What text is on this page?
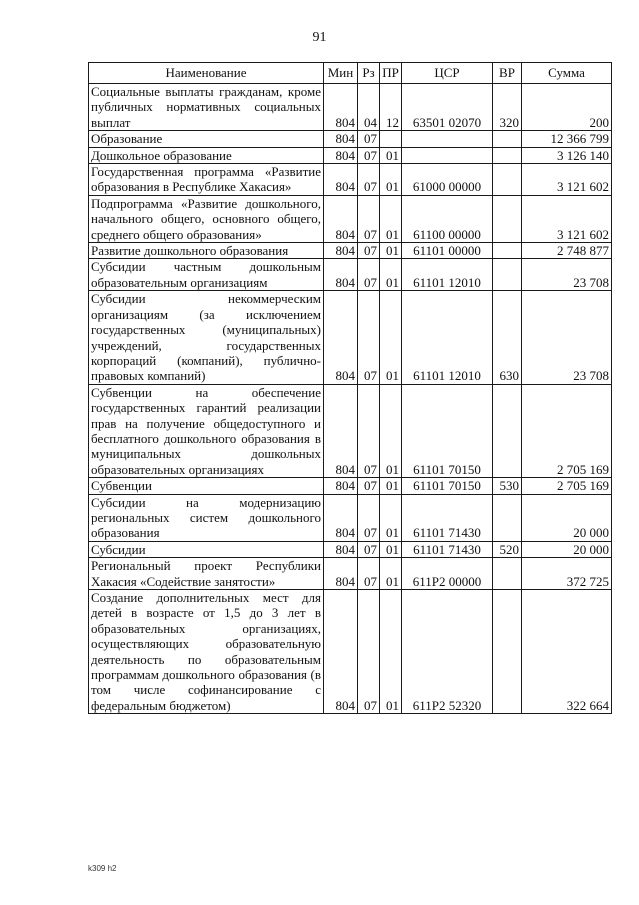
91
Наименование	Мин	Рз	ПР	ЦСР	ВР	Сумма
Социальные выплаты гражданам, кроме публичных нормативных социальных выплат	804	04	12	63501 02070	320	200
Образование	804	07				12 366 799
Дошкольное образование	804	07	01			3 126 140
Государственная программа «Развитие образования в Республике Хакасия»	804	07	01	61000 00000		3 121 602
Подпрограмма «Развитие дошкольного, начального общего, основного общего, среднего общего образования»	804	07	01	61100 00000		3 121 602
Развитие дошкольного образования	804	07	01	61101 00000		2 748 877
Субсидии частным дошкольным образовательным организациям	804	07	01	61101 12010		23 708
Субсидии некоммерческим организациям (за исключением государственных (муниципальных) учреждений, государственных корпораций (компаний), публично-правовых компаний)	804	07	01	61101 12010	630	23 708
Субвенции на обеспечение государственных гарантий реализации прав на получение общедоступного и бесплатного дошкольного образования в муниципальных дошкольных образовательных организациях	804	07	01	61101 70150		2 705 169
Субвенции	804	07	01	61101 70150	530	2 705 169
Субсидии на модернизацию региональных систем дошкольного образования	804	07	01	61101 71430		20 000
Субсидии	804	07	01	61101 71430	520	20 000
Региональный проект Республики Хакасия «Содействие занятости»	804	07	01	611P2 00000		372 725
Создание дополнительных мест для детей в возрасте от 1,5 до 3 лет в образовательных организациях, осуществляющих образовательную деятельность по образовательным программам дошкольного образования (в том числе софинансирование с федеральным бюджетом)	804	07	01	611P2 52320		322 664
k309 h2
